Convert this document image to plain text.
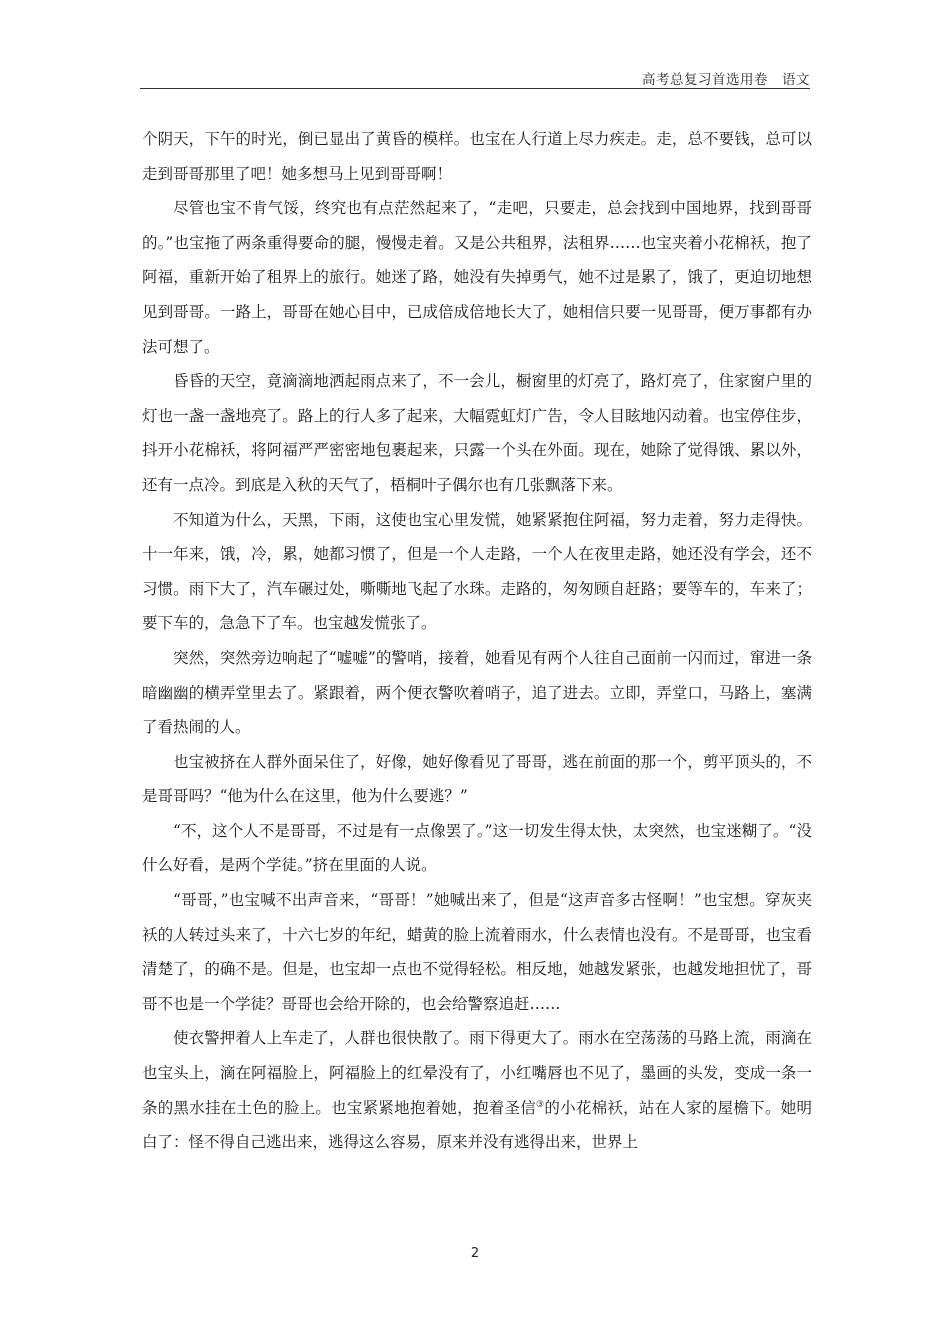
高考总复习首选用卷　语文

个阴天，下午的时光，倒已显出了黄昏的模样。也宝在人行道上尽力疾走。走，总不要钱，总可以走到哥哥那里了吧！她多想马上见到哥哥啊！

尽管也宝不肯气馁，终究也有点茫然起来了，“走吧，只要走，总会找到中国地界，找到哥哥的。”也宝拖了两条重得要命的腿，慢慢走着。又是公共租界，法租界……也宝夹着小花棉袄，抱了阿福，重新开始了租界上的旅行。她迷了路，她没有失掉勇气，她不过是累了，饿了，更迫切地想见到哥哥。一路上，哥哥在她心目中，已成倍成倍地长大了，她相信只要一见哥哥，便万事都有办法可想了。

昏昏的天空，竟滴滴地洒起雨点来了，不一会儿，橱窗里的灯亮了，路灯亮了，住家窗户里的灯也一盏一盏地亮了。路上的行人多了起来，大幅霓虹灯广告，令人目眩地闪动着。也宝停住步，抖开小花棉袄，将阿福严严密密地包裹起来，只露一个头在外面。现在，她除了觉得饿、累以外，还有一点冷。到底是入秋的天气了，梧桐叶子偶尔也有几张飘落下来。

不知道为什么，天黑，下雨，这使也宝心里发慌，她紧紧抱住阿福，努力走着，努力走得快。十一年来，饿，冷，累，她都习惯了，但是一个人走路，一个人在夜里走路，她还没有学会，还不习惯。雨下大了，汽车碾过处，嘶嘶地飞起了水珠。走路的，匆匆顾自赶路；要等车的，车来了；要下车的，急急下了车。也宝越发慌张了。

突然，突然旁边响起了“嘘嘘”的警哨，接着，她看见有两个人往自己面前一闪而过，窜进一条暗幽幽的横弄堂里去了。紧跟着，两个便衣警吹着哨子，追了进去。立即，弄堂口，马路上，塞满了看热闹的人。

也宝被挤在人群外面呆住了，好像，她好像看见了哥哥，逃在前面的那一个，剪平顶头的，不是哥哥吗？“他为什么在这里，他为什么要逃？”

“不，这个人不是哥哥，不过是有一点像罢了。”这一切发生得太快，太突然，也宝迷糊了。“没什么好看，是两个学徒。”挤在里面的人说。

“哥哥，”也宝喊不出声音来，“哥哥！”她喊出来了，但是“这声音多古怪啊！”也宝想。穿灰夹袄的人转过头来了，十六七岁的年纪，蜡黄的脸上流着雨水，什么表情也没有。不是哥哥，也宝看清楚了，的确不是。但是，也宝却一点也不觉得轻松。相反地，她越发紧张，也越发地担忧了，哥哥不也是一个学徒？哥哥也会给开除的，也会给警察追赶……

使衣警押着人上车走了，人群也很快散了。雨下得更大了。雨水在空荡荡的马路上流，雨滴在也宝头上，滴在阿福脸上，阿福脸上的红晕没有了，小红嘴唇也不见了，墨画的头发，变成一条一条的黑水挂在土色的脸上。也宝紧紧地抱着她，抱着圣信③的小花棉袄，站在人家的屋檐下。她明白了：怪不得自己逃出来，逃得这么容易，原来并没有逃得出来，世界上

2
